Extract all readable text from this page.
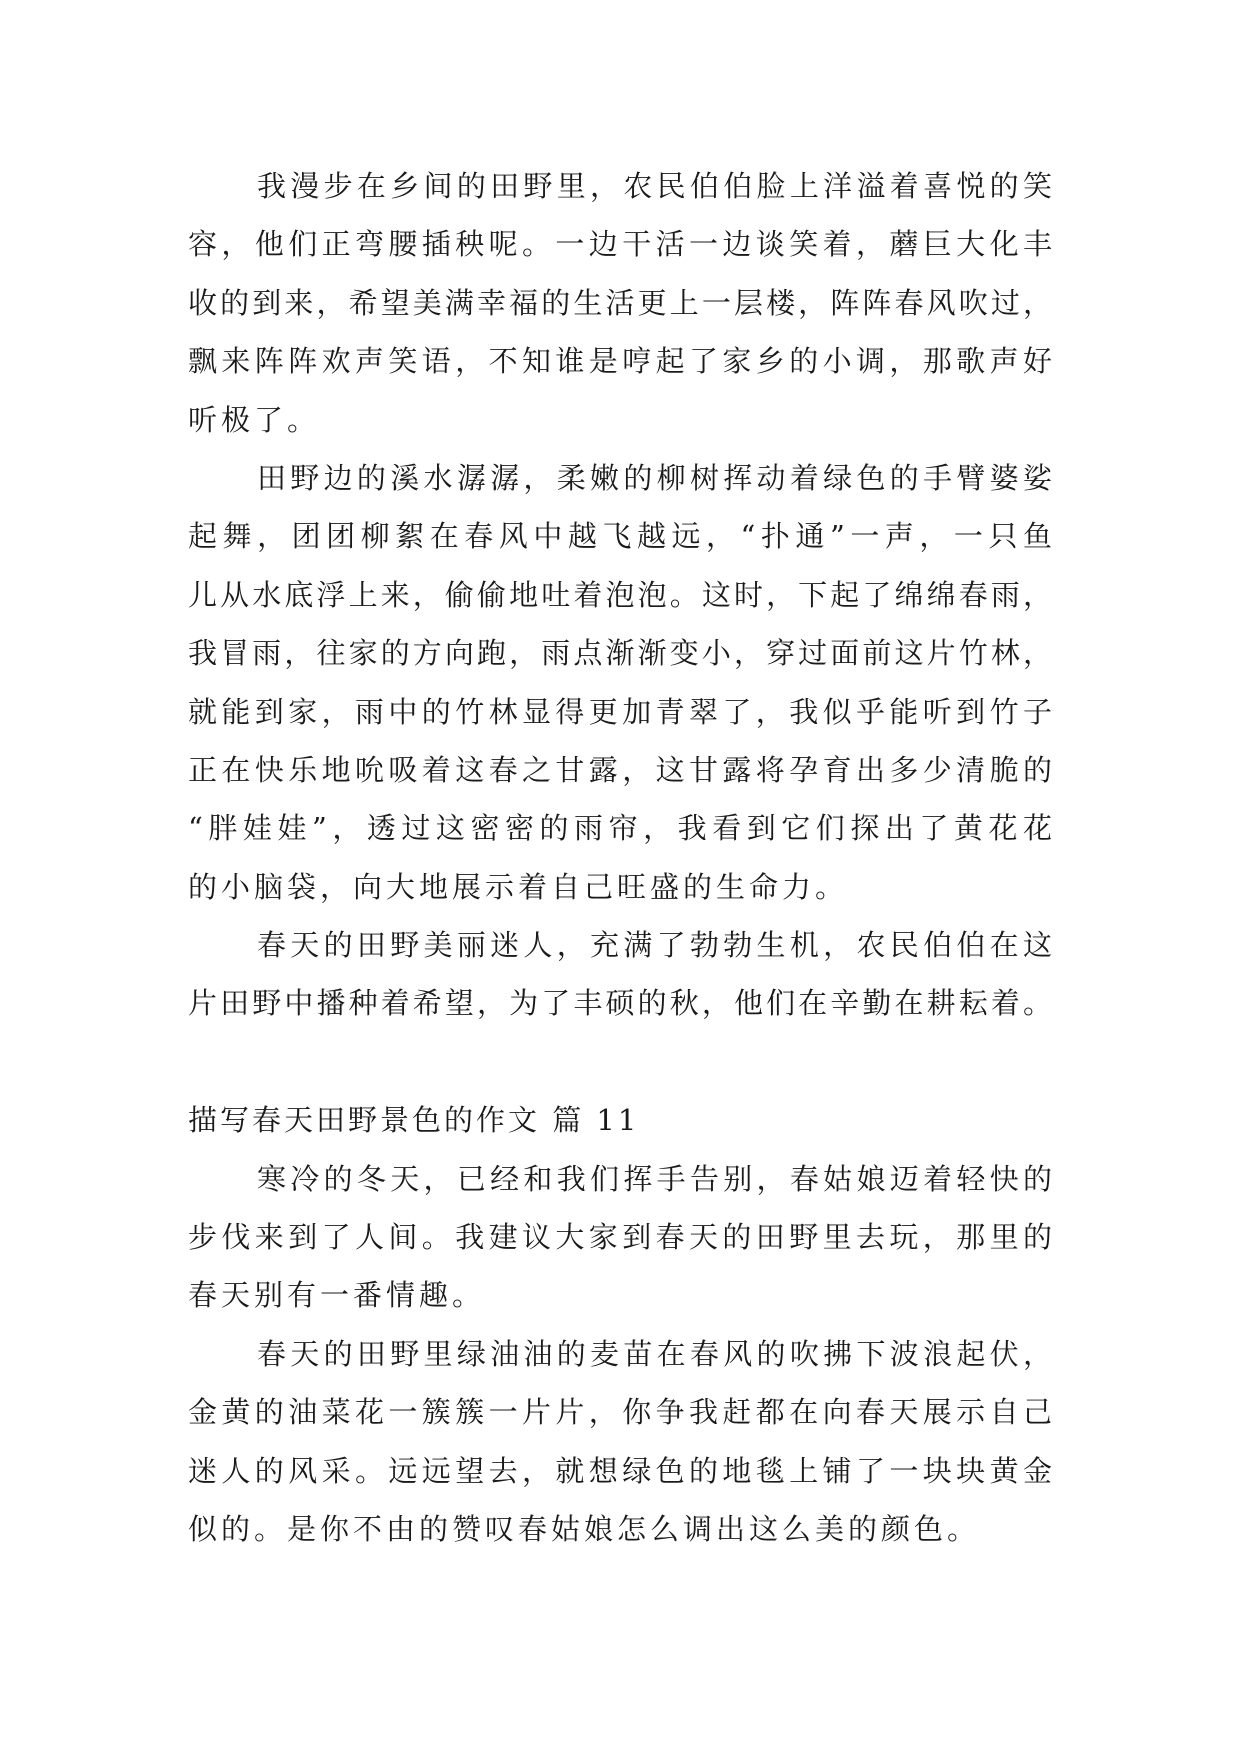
我漫步在乡间的田野里，农民伯伯脸上洋溢着喜悦的笑
容，他们正弯腰插秧呢。一边干活一边谈笑着，蘑巨大化丰
收的到来，希望美满幸福的生活更上一层楼，阵阵春风吹过，
飘来阵阵欢声笑语，不知谁是哼起了家乡的小调，那歌声好
听极了。
田野边的溪水潺潺，柔嫩的柳树挥动着绿色的手臂婆娑
起舞，团团柳絮在春风中越飞越远，“扑通”一声，一只鱼
儿从水底浮上来，偷偷地吐着泡泡。这时，下起了绵绵春雨，
我冒雨，往家的方向跑，雨点渐渐变小，穿过面前这片竹林，
就能到家，雨中的竹林显得更加青翠了，我似乎能听到竹子
正在快乐地吮吸着这春之甘露，这甘露将孕育出多少清脆的
“胖娃娃”，透过这密密的雨帘，我看到它们探出了黄花花
的小脑袋，向大地展示着自己旺盛的生命力。
春天的田野美丽迷人，充满了勃勃生机，农民伯伯在这
片田野中播种着希望，为了丰硕的秋，他们在辛勤在耕耘着。
描写春天田野景色的作文 篇 11
寒冷的冬天，已经和我们挥手告别，春姑娘迈着轻快的
步伐来到了人间。我建议大家到春天的田野里去玩，那里的
春天别有一番情趣。
春天的田野里绿油油的麦苗在春风的吹拂下波浪起伏，
金黄的油菜花一簇簇一片片，你争我赶都在向春天展示自己
迷人的风采。远远望去，就想绿色的地毯上铺了一块块黄金
似的。是你不由的赞叹春姑娘怎么调出这么美的颜色。
